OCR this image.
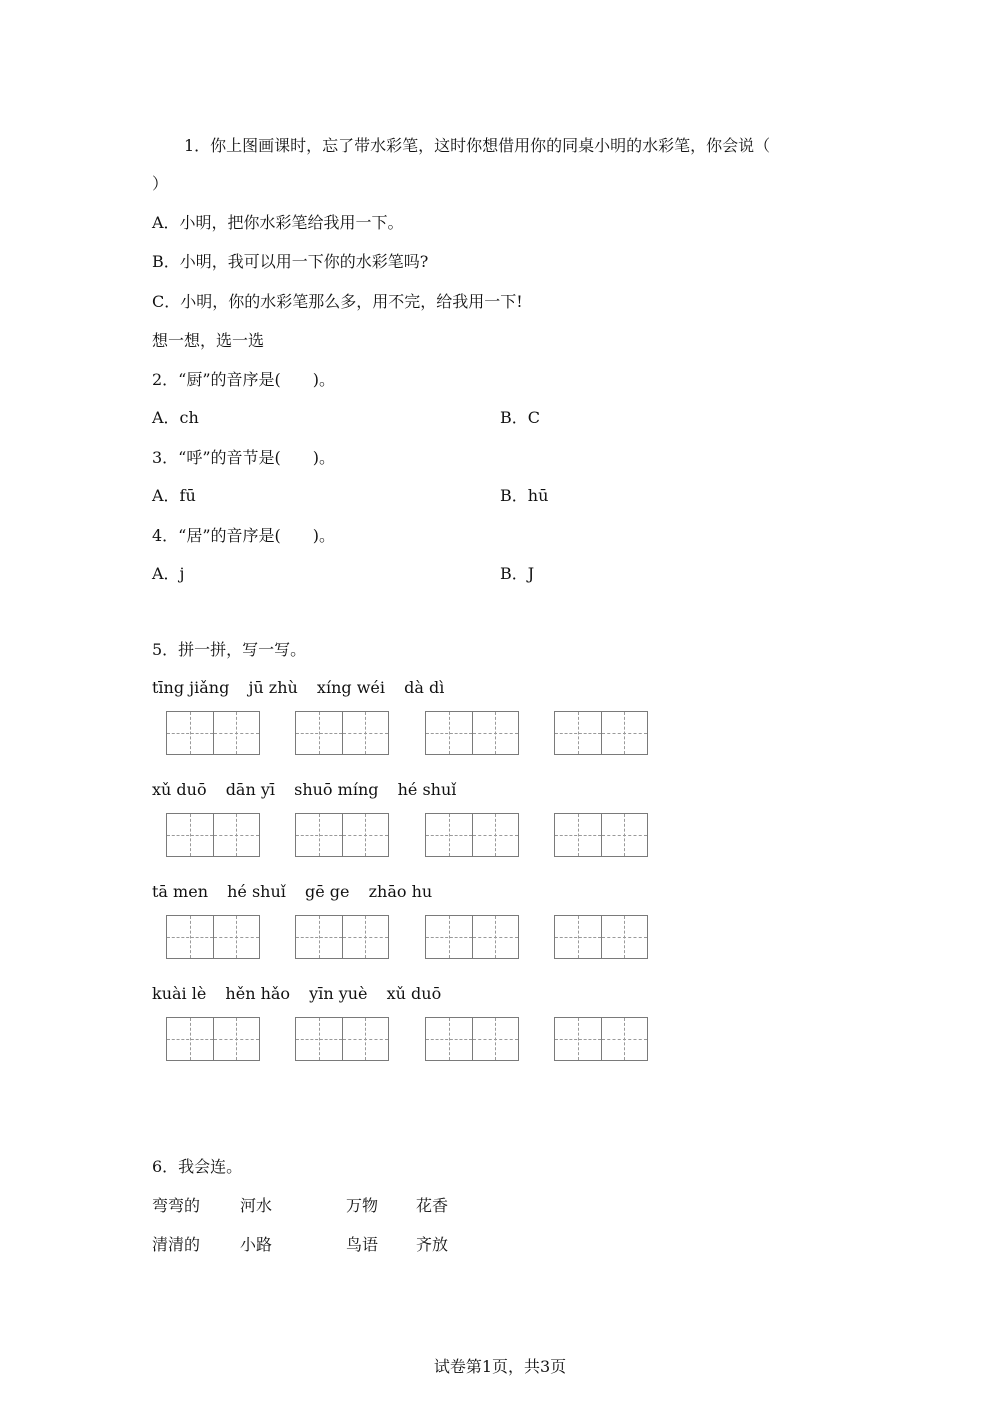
1．你上图画课时，忘了带水彩笔，这时你想借用你的同桌小明的水彩笔，你会说（
）
A．小明，把你水彩笔给我用一下。
B．小明，我可以用一下你的水彩笔吗?
C．小明，你的水彩笔那么多，用不完，给我用一下!
想一想，选一选
2．“厨”的音序是(　　)。
A．ch	B．C
3．“呼”的音节是(　　)。
A．fū	B．hū
4．“居”的音序是(　　)。
A．j	B．J
5．拼一拼，写一写。
tīng jiǎng jū zhù xíng wéi dà dì
xǔ duō dān yī shuō míng hé shuǐ
tā men hé shuǐ gē ge zhāo hu
kuài lè hěn hǎo yīn yuè xǔ duō
6．我会连。
弯弯的 河水	万物 花香
清清的 小路	鸟语 齐放
试卷第1页，共3页
